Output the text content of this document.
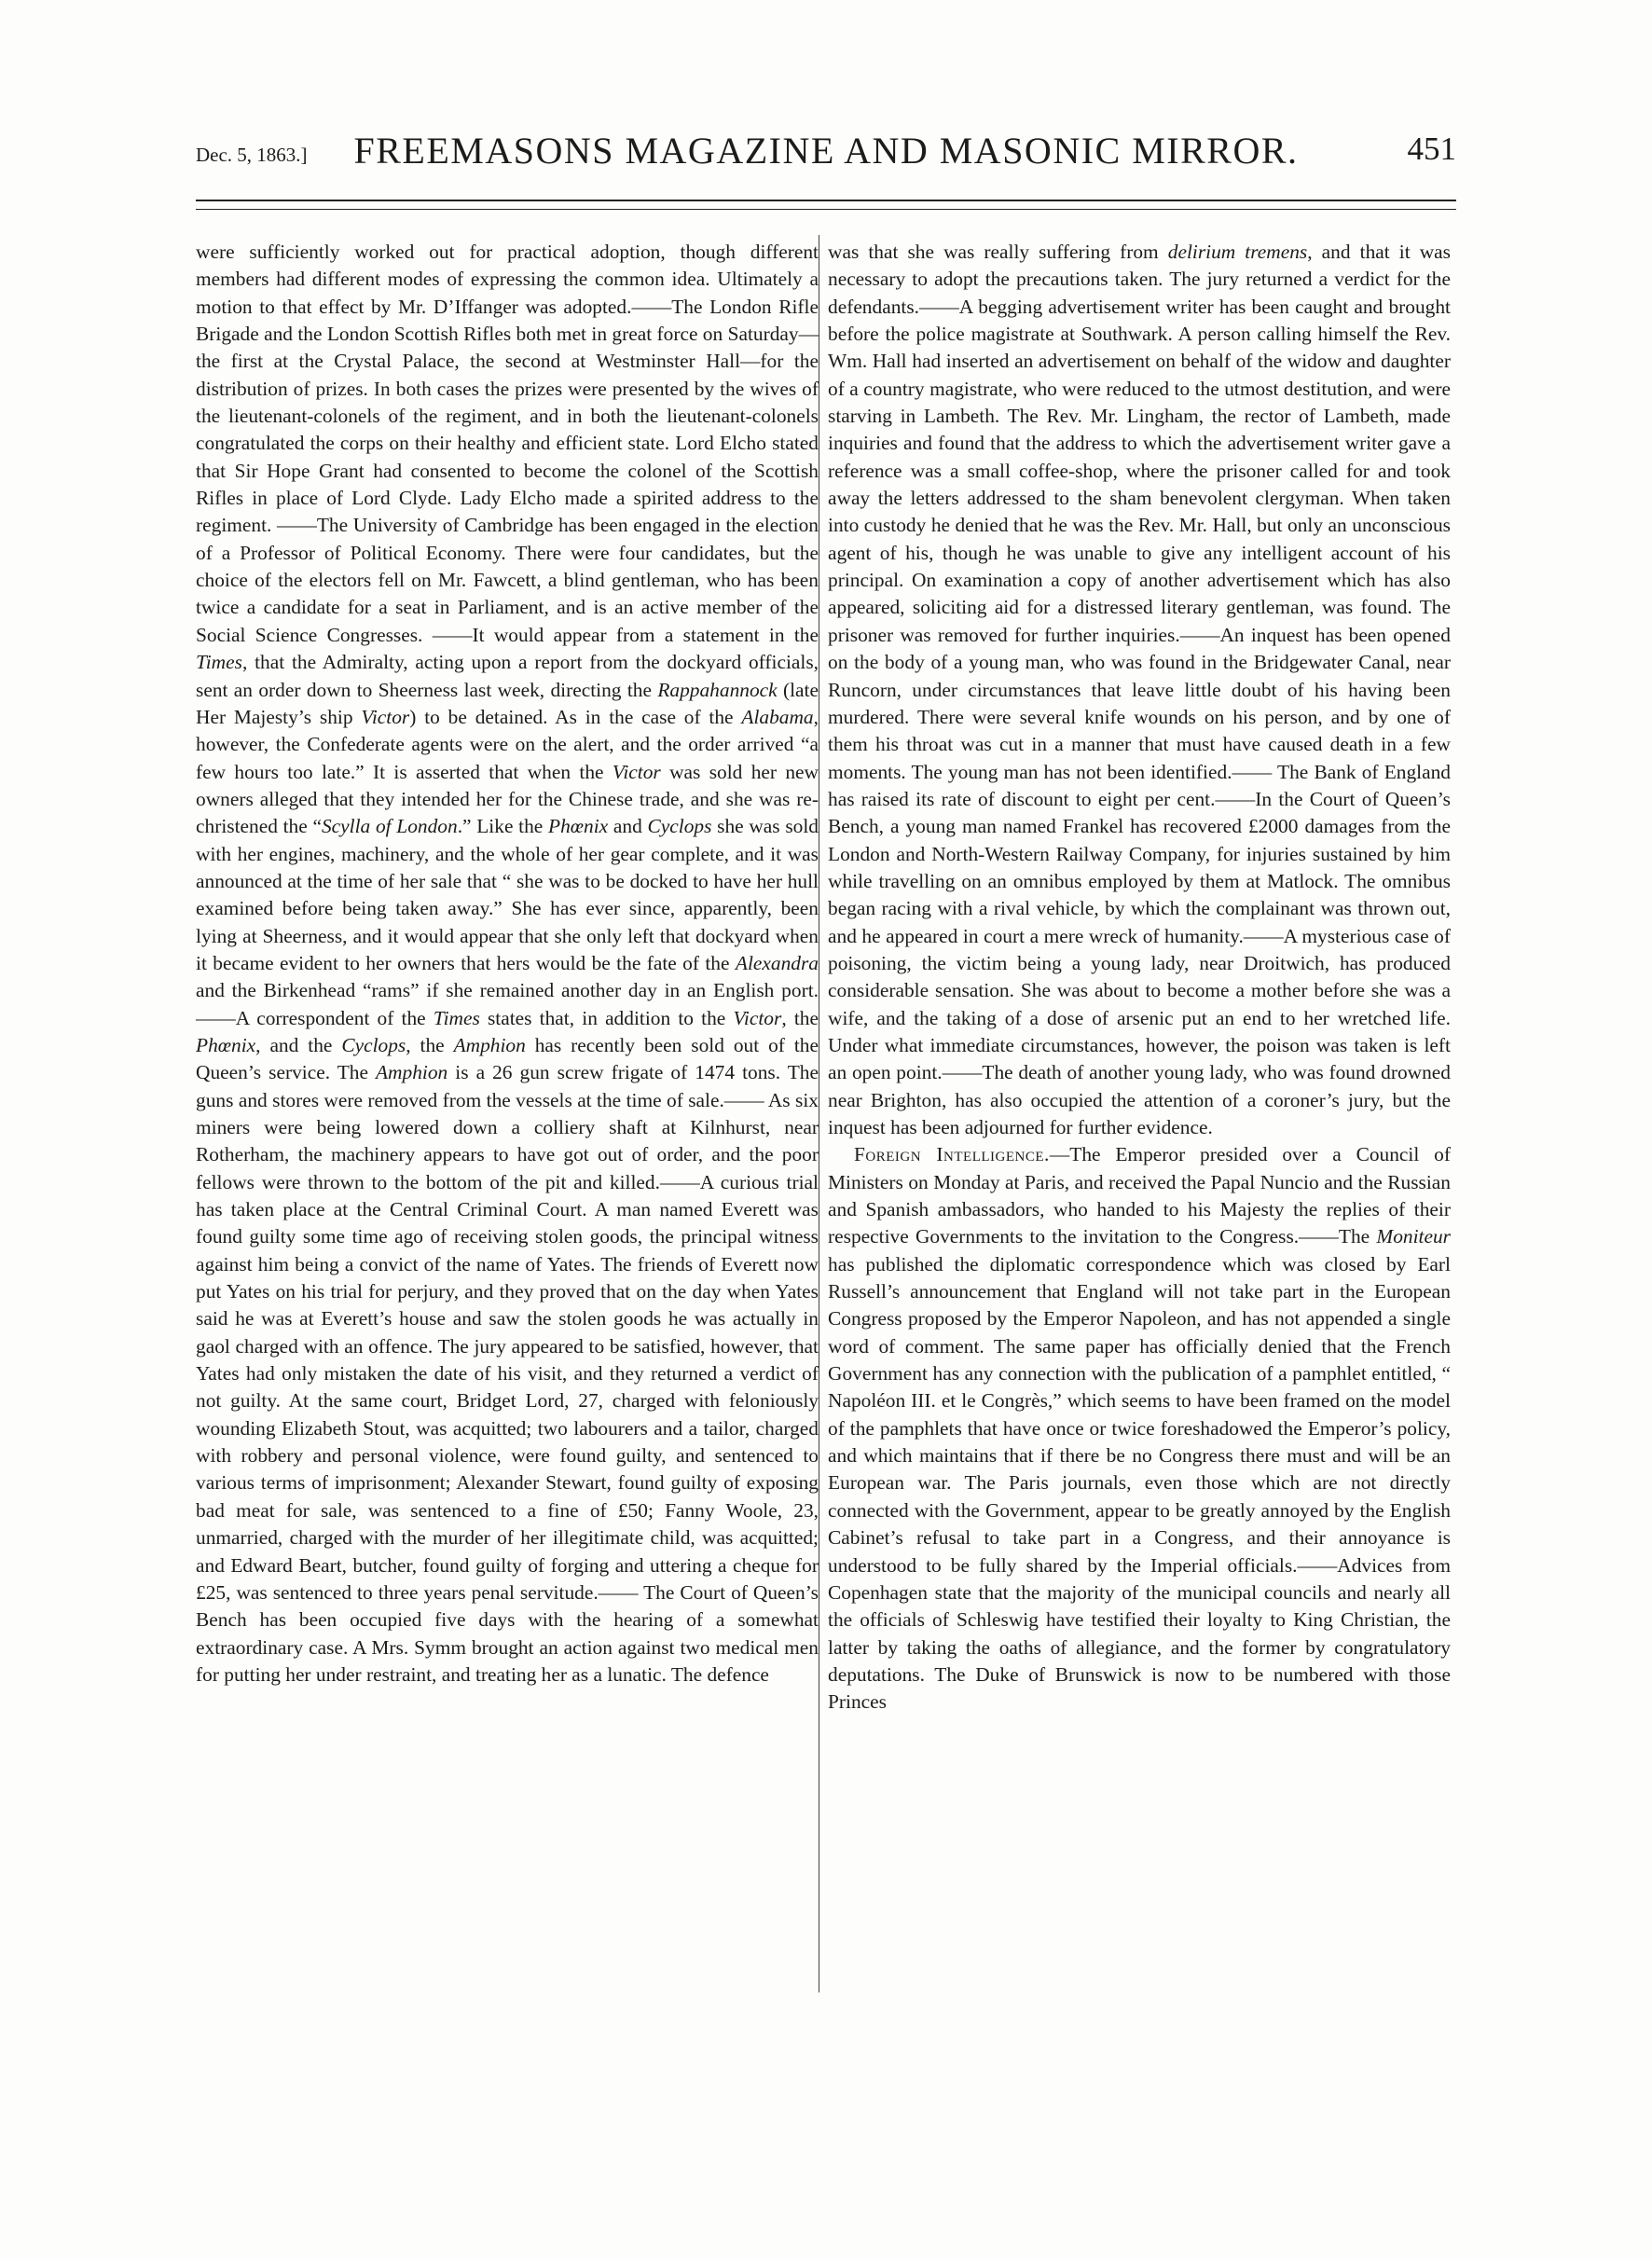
Dec. 5, 1863.]	FREEMASONS MAGAZINE AND MASONIC MIRROR.	451

were sufficiently worked out for practical adoption, though different members had different modes of expressing the common idea. Ultimately a motion to that effect by Mr. D’Iffanger was adopted.——The London Rifle Brigade and the London Scottish Rifles both met in great force on Saturday—the first at the Crystal Palace, the second at Westminster Hall—for the distribution of prizes. In both cases the prizes were presented by the wives of the lieutenant-colonels of the regiment, and in both the lieutenant-colonels congratulated the corps on their healthy and efficient state. Lord Elcho stated that Sir Hope Grant had consented to become the colonel of the Scottish Rifles in place of Lord Clyde. Lady Elcho made a spirited address to the regiment. ——The University of Cambridge has been engaged in the election of a Professor of Political Economy. There were four candidates, but the choice of the electors fell on Mr. Fawcett, a blind gentleman, who has been twice a candidate for a seat in Parliament, and is an active member of the Social Science Congresses. ——It would appear from a statement in the Times, that the Admiralty, acting upon a report from the dockyard officials, sent an order down to Sheerness last week, directing the Rappahannock (late Her Majesty’s ship Victor) to be detained. As in the case of the Alabama, however, the Confederate agents were on the alert, and the order arrived “a few hours too late.” It is asserted that when the Victor was sold her new owners alleged that they intended her for the Chinese trade, and she was re-christened the “Scylla of London.” Like the Phœnix and Cyclops she was sold with her engines, machinery, and the whole of her gear complete, and it was announced at the time of her sale that “ she was to be docked to have her hull examined before being taken away.” She has ever since, apparently, been lying at Sheerness, and it would appear that she only left that dockyard when it became evident to her owners that hers would be the fate of the Alexandra and the Birkenhead “rams” if she remained another day in an English port. ——A correspondent of the Times states that, in addition to the Victor, the Phœnix, and the Cyclops, the Amphion has recently been sold out of the Queen’s service. The Amphion is a 26 gun screw frigate of 1474 tons. The guns and stores were removed from the vessels at the time of sale.—— As six miners were being lowered down a colliery shaft at Kilnhurst, near Rotherham, the machinery appears to have got out of order, and the poor fellows were thrown to the bottom of the pit and killed.——A curious trial has taken place at the Central Criminal Court. A man named Everett was found guilty some time ago of receiving stolen goods, the principal witness against him being a convict of the name of Yates. The friends of Everett now put Yates on his trial for perjury, and they proved that on the day when Yates said he was at Everett’s house and saw the stolen goods he was actually in gaol charged with an offence. The jury appeared to be satisfied, however, that Yates had only mistaken the date of his visit, and they returned a verdict of not guilty. At the same court, Bridget Lord, 27, charged with feloniously wounding Elizabeth Stout, was acquitted; two labourers and a tailor, charged with robbery and personal violence, were found guilty, and sentenced to various terms of imprisonment; Alexander Stewart, found guilty of exposing bad meat for sale, was sentenced to a fine of £50; Fanny Woole, 23, unmarried, charged with the murder of her illegitimate child, was acquitted; and Edward Beart, butcher, found guilty of forging and uttering a cheque for £25, was sentenced to three years penal servitude.—— The Court of Queen’s Bench has been occupied five days with the hearing of a somewhat extraordinary case. A Mrs. Symm brought an action against two medical men for putting her under restraint, and treating her as a lunatic. The defence

was that she was really suffering from delirium tremens, and that it was necessary to adopt the precautions taken. The jury returned a verdict for the defendants.——A begging advertisement writer has been caught and brought before the police magistrate at Southwark. A person calling himself the Rev. Wm. Hall had inserted an advertisement on behalf of the widow and daughter of a country magistrate, who were reduced to the utmost destitution, and were starving in Lambeth. The Rev. Mr. Lingham, the rector of Lambeth, made inquiries and found that the address to which the advertisement writer gave a reference was a small coffee-shop, where the prisoner called for and took away the letters addressed to the sham benevolent clergyman. When taken into custody he denied that he was the Rev. Mr. Hall, but only an unconscious agent of his, though he was unable to give any intelligent account of his principal. On examination a copy of another advertisement which has also appeared, soliciting aid for a distressed literary gentleman, was found. The prisoner was removed for further inquiries.——An inquest has been opened on the body of a young man, who was found in the Bridgewater Canal, near Runcorn, under circumstances that leave little doubt of his having been murdered. There were several knife wounds on his person, and by one of them his throat was cut in a manner that must have caused death in a few moments. The young man has not been identified.—— The Bank of England has raised its rate of discount to eight per cent.——In the Court of Queen’s Bench, a young man named Frankel has recovered £2000 damages from the London and North-Western Railway Company, for injuries sustained by him while travelling on an omnibus employed by them at Matlock. The omnibus began racing with a rival vehicle, by which the complainant was thrown out, and he appeared in court a mere wreck of humanity.——A mysterious case of poisoning, the victim being a young lady, near Droitwich, has produced considerable sensation. She was about to become a mother before she was a wife, and the taking of a dose of arsenic put an end to her wretched life. Under what immediate circumstances, however, the poison was taken is left an open point.——The death of another young lady, who was found drowned near Brighton, has also occupied the attention of a coroner’s jury, but the inquest has been adjourned for further evidence.

Foreign Intelligence.—The Emperor presided over a Council of Ministers on Monday at Paris, and received the Papal Nuncio and the Russian and Spanish ambassadors, who handed to his Majesty the replies of their respective Governments to the invitation to the Congress.——The Moniteur has published the diplomatic correspondence which was closed by Earl Russell’s announcement that England will not take part in the European Congress proposed by the Emperor Napoleon, and has not appended a single word of comment. The same paper has officially denied that the French Government has any connection with the publication of a pamphlet entitled, “ Napoléon III. et le Congrès,” which seems to have been framed on the model of the pamphlets that have once or twice foreshadowed the Emperor’s policy, and which maintains that if there be no Congress there must and will be an European war. The Paris journals, even those which are not directly connected with the Government, appear to be greatly annoyed by the English Cabinet’s refusal to take part in a Congress, and their annoyance is understood to be fully shared by the Imperial officials.——Advices from Copenhagen state that the majority of the municipal councils and nearly all the officials of Schleswig have testified their loyalty to King Christian, the latter by taking the oaths of allegiance, and the former by congratulatory deputations. The Duke of Brunswick is now to be numbered with those Princes
